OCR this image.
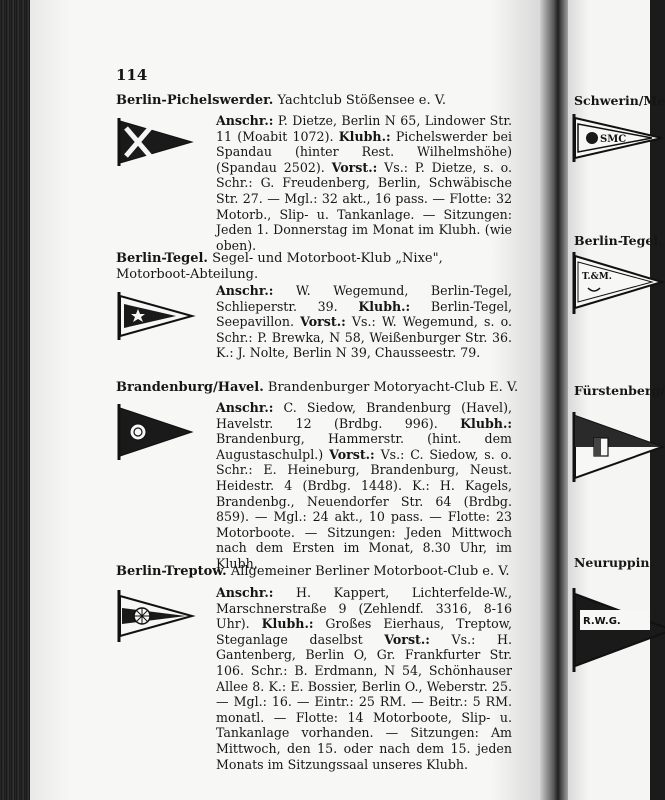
114
Berlin-Pichelswerder. Yachtclub Stößensee e. V.

Anschr.: P. Dietze, Berlin N 65, Lindower Str. 11 (Moabit 1072). Klubh.: Pichelswerder bei Spandau (hinter Rest. Wilhelmshöhe) (Spandau 2502). Vorst.: Vs.: P. Dietze, s. o. Schr.: G. Freudenberg, Berlin, Schwäbische Str. 27. — Mgl.: 32 akt., 16 pass. — Flotte: 32 Motorb., Slip- u. Tankanlage. — Sitzungen: Jeden 1. Donnerstag im Monat im Klubh. (wie oben).

Berlin-Tegel. Segel- und Motorboot-Klub „Nixe", Motorboot-Abteilung.

Anschr.: W. Wegemund, Berlin-Tegel, Schlieperstr. 39. Klubh.: Berlin-Tegel, Seepavillon. Vorst.: Vs.: W. Wegemund, s. o. Schr.: P. Brewka, N 58, Weißenburger Str. 36. K.: J. Nolte, Berlin N 39, Chausseestr. 79.

Brandenburg/Havel. Brandenburger Motoryacht-Club E. V.

Anschr.: C. Siedow, Brandenburg (Havel), Havelstr. 12 (Brdbg. 996). Klubh.: Brandenburg, Hammerstr. (hint. dem Augustaschulpl.) Vorst.: Vs.: C. Siedow, s. o. Schr.: E. Heineburg, Brandenburg, Neust. Heidestr. 4 (Brdbg. 1448). K.: H. Kagels, Brandenbg., Neuendorfer Str. 64 (Brdbg. 859). — Mgl.: 24 akt., 10 pass. — Flotte: 23 Motorboote. — Sitzungen: Jeden Mittwoch nach dem Ersten im Monat, 8.30 Uhr, im Klubh.

Berlin-Treptow. Allgemeiner Berliner Motorboot-Club e. V.

Anschr.: H. Kappert, Lichterfelde-W., Marschnerstraße 9 (Zehlendf. 3316, 8-16 Uhr). Klubh.: Großes Eierhaus, Treptow, Steganlage daselbst Vorst.: Vs.: H. Gantenberg, Berlin O, Gr. Frankfurter Str. 106. Schr.: B. Erdmann, N 54, Schönhauser Allee 8. K.: E. Bossier, Berlin O., Weberstr. 25. — Mgl.: 16. — Eintr.: 25 RM. — Beitr.: 5 RM. monatl. — Flotte: 14 Motorboote, Slip- u. Tankanlage vorhanden. — Sitzungen: Am Mittwoch, den 15. oder nach dem 15. jeden Monats im Sitzungssaal unseres Klubh.

Schwerin/Me
SMC
Berlin-Tegel.
T.&M.
Fürstenberg/
Neuruppin.
R.W.G.
